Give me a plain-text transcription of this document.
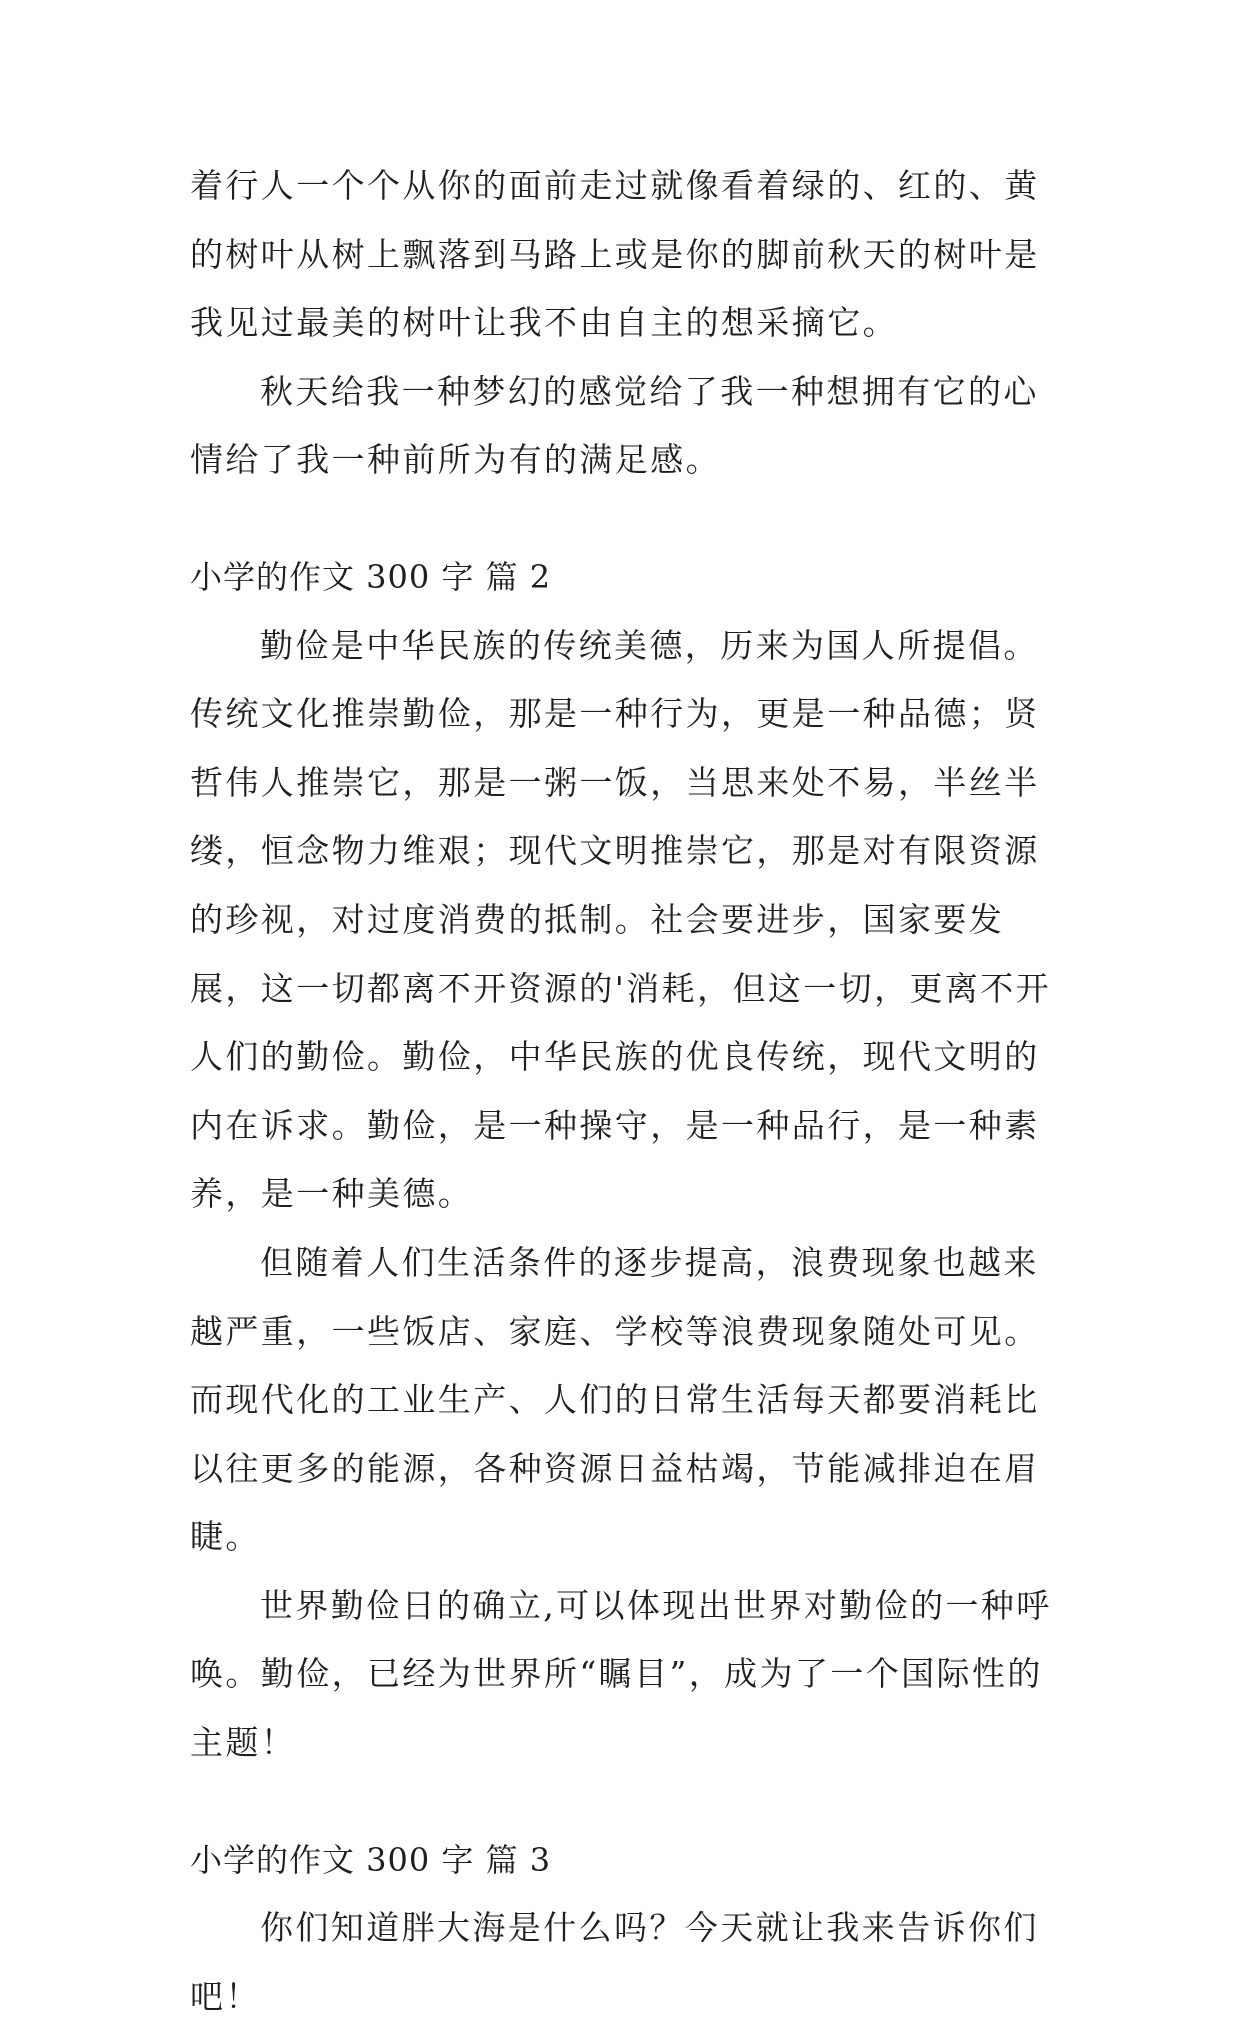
着行人一个个从你的面前走过就像看着绿的、红的、黄的树叶从树上飘落到马路上或是你的脚前秋天的树叶是我见过最美的树叶让我不由自主的想采摘它。

秋天给我一种梦幻的感觉给了我一种想拥有它的心情给了我一种前所为有的满足感。

小学的作文 300 字 篇 2

勤俭是中华民族的传统美德，历来为国人所提倡。传统文化推崇勤俭，那是一种行为，更是一种品德；贤哲伟人推崇它，那是一粥一饭，当思来处不易，半丝半缕，恒念物力维艰；现代文明推崇它，那是对有限资源的珍视，对过度消费的抵制。社会要进步，国家要发展，这一切都离不开资源的'消耗，但这一切，更离不开人们的勤俭。勤俭，中华民族的优良传统，现代文明的内在诉求。勤俭，是一种操守，是一种品行，是一种素养，是一种美德。

但随着人们生活条件的逐步提高，浪费现象也越来越严重，一些饭店、家庭、学校等浪费现象随处可见。而现代化的工业生产、人们的日常生活每天都要消耗比以往更多的能源，各种资源日益枯竭，节能减排迫在眉睫。

世界勤俭日的确立,可以体现出世界对勤俭的一种呼唤。勤俭，已经为世界所“瞩目”，成为了一个国际性的主题！

小学的作文 300 字 篇 3

你们知道胖大海是什么吗？今天就让我来告诉你们吧！
